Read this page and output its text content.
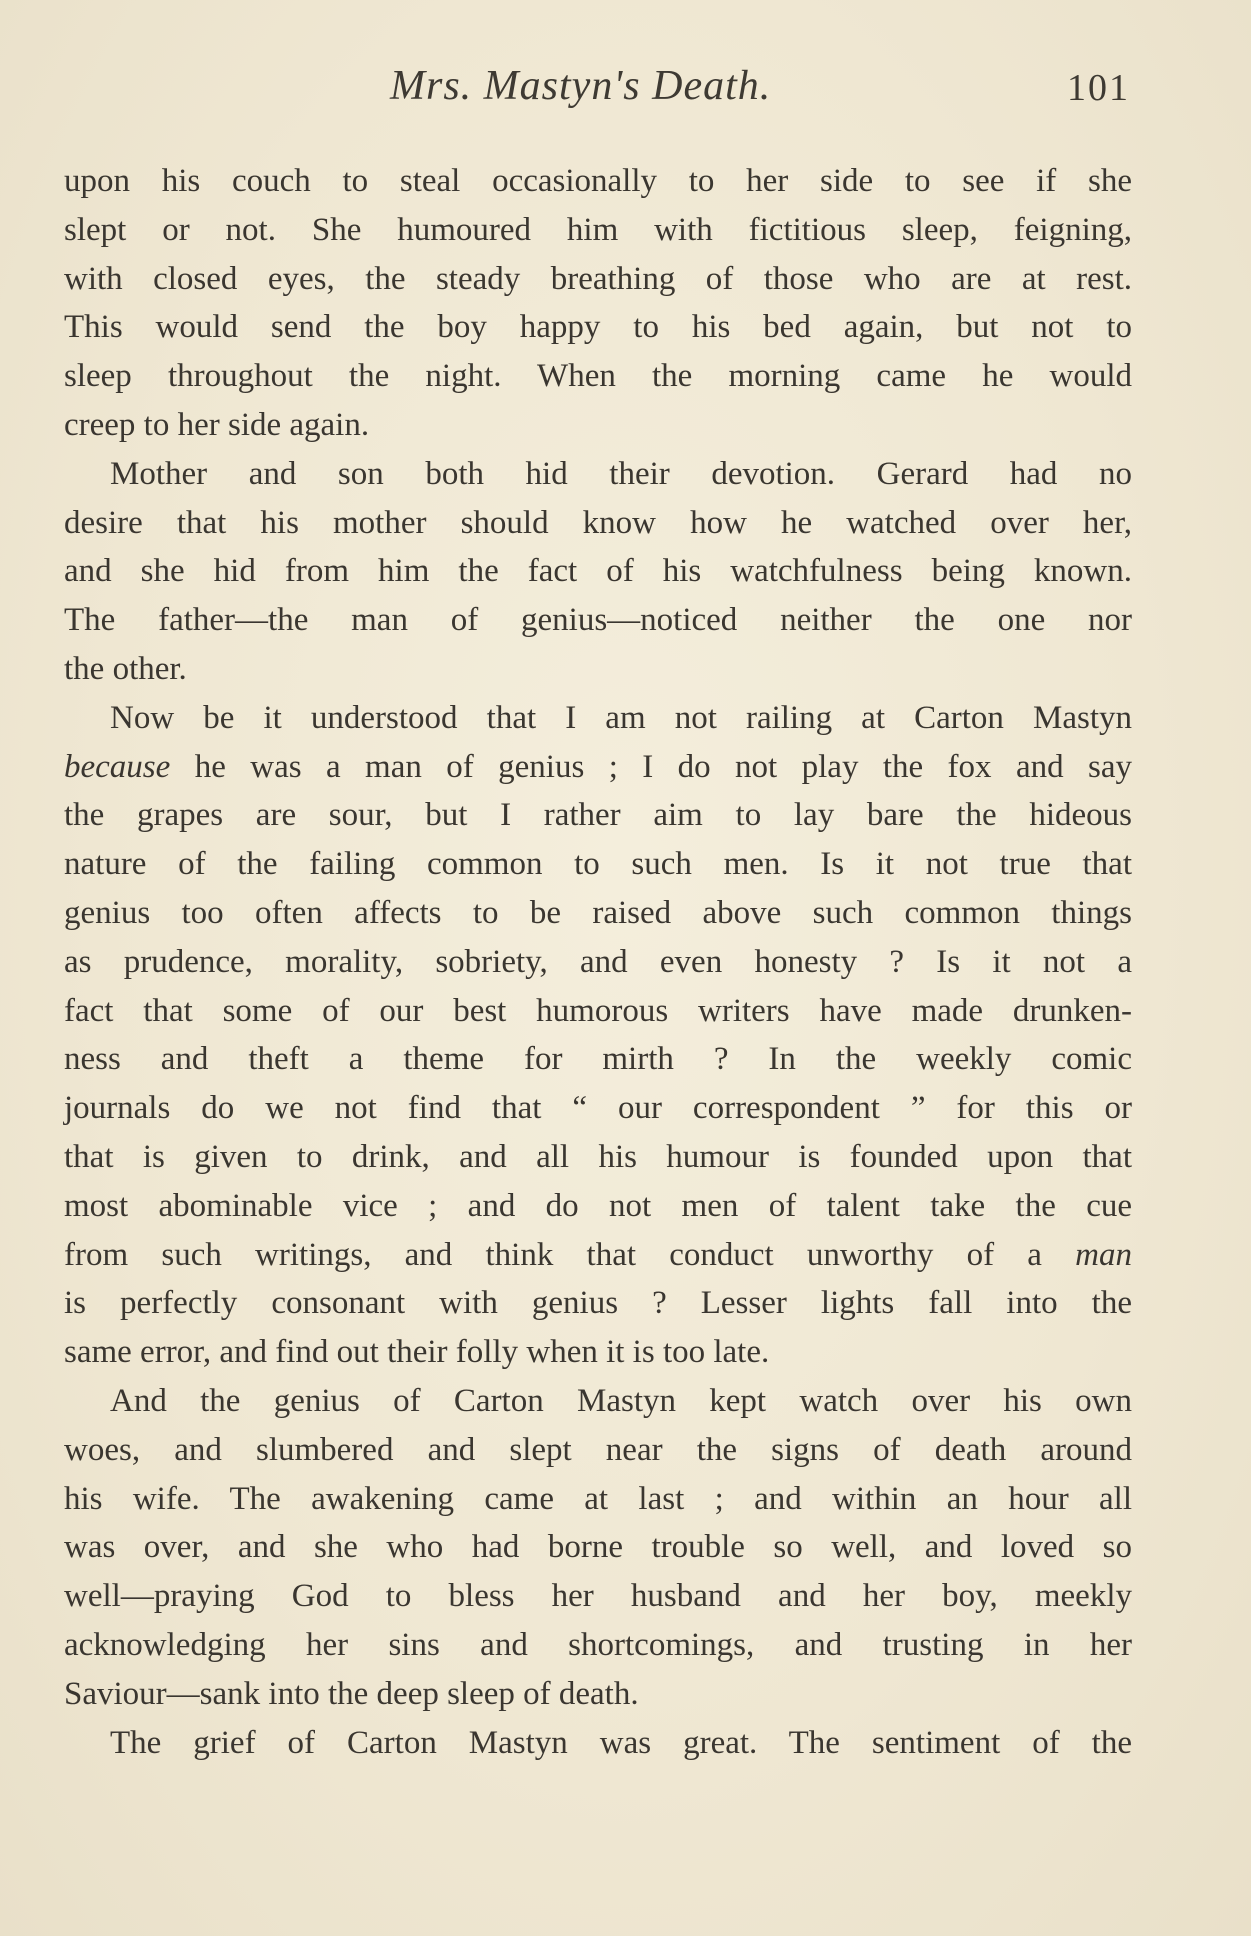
Mrs. Mastyn's Death.	101

upon his couch to steal occasionally to her side to see if she
slept or not. She humoured him with fictitious sleep, feigning,
with closed eyes, the steady breathing of those who are at rest.
This would send the boy happy to his bed again, but not to
sleep throughout the night. When the morning came he would
creep to her side again.

Mother and son both hid their devotion. Gerard had no
desire that his mother should know how he watched over her,
and she hid from him the fact of his watchfulness being known.
The father—the man of genius—noticed neither the one nor
the other.

Now be it understood that I am not railing at Carton Mastyn
because he was a man of genius ; I do not play the fox and say
the grapes are sour, but I rather aim to lay bare the hideous
nature of the failing common to such men. Is it not true that
genius too often affects to be raised above such common things
as prudence, morality, sobriety, and even honesty ? Is it not a
fact that some of our best humorous writers have made drunken-
ness and theft a theme for mirth ? In the weekly comic
journals do we not find that “ our correspondent ” for this or
that is given to drink, and all his humour is founded upon that
most abominable vice ; and do not men of talent take the cue
from such writings, and think that conduct unworthy of a man
is perfectly consonant with genius ? Lesser lights fall into the
same error, and find out their folly when it is too late.

And the genius of Carton Mastyn kept watch over his own
woes, and slumbered and slept near the signs of death around
his wife. The awakening came at last ; and within an hour all
was over, and she who had borne trouble so well, and loved so
well—praying God to bless her husband and her boy, meekly
acknowledging her sins and shortcomings, and trusting in her
Saviour—sank into the deep sleep of death.

The grief of Carton Mastyn was great. The sentiment of the
